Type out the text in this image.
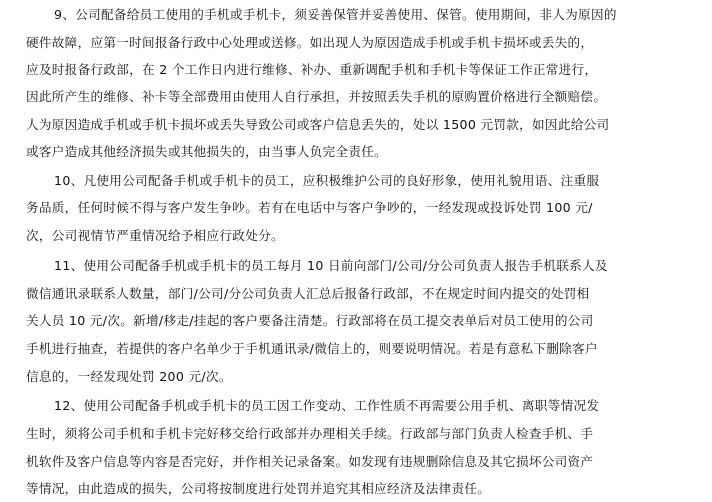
9、公司配备给员工使用的手机或手机卡，须妥善保管并妥善使用、保管。使用期间，非人为原因的
硬件故障，应第一时间报备行政中心处理或送修。如出现人为原因造成手机或手机卡损坏或丢失的，
应及时报备行政部，在 2 个工作日内进行维修、补办、重新调配手机和手机卡等保证工作正常进行，
因此所产生的维修、补卡等全部费用由使用人自行承担，并按照丢失手机的原购置价格进行全额赔偿。
人为原因造成手机或手机卡损坏或丢失导致公司或客户信息丢失的，处以 1500 元罚款，如因此给公司
或客户造成其他经济损失或其他损失的，由当事人负完全责任。
10、凡使用公司配备手机或手机卡的员工，应积极维护公司的良好形象，使用礼貌用语、注重服
务品质，任何时候不得与客户发生争吵。若有在电话中与客户争吵的，一经发现或投诉处罚 100 元/
次，公司视情节严重情况给予相应行政处分。
11、使用公司配备手机或手机卡的员工每月 10 日前向部门/公司/分公司负责人报告手机联系人及
微信通讯录联系人数量，部门/公司/分公司负责人汇总后报备行政部，不在规定时间内提交的处罚相
关人员 10 元/次。新增/移走/挂起的客户要备注清楚。行政部将在员工提交表单后对员工使用的公司
手机进行抽查，若提供的客户名单少于手机通讯录/微信上的，则要说明情况。若是有意私下删除客户
信息的，一经发现处罚 200 元/次。
12、使用公司配备手机或手机卡的员工因工作变动、工作性质不再需要公用手机、离职等情况发
生时，须将公司手机和手机卡完好移交给行政部并办理相关手续。行政部与部门负责人检查手机、手
机软件及客户信息等内容是否完好，并作相关记录备案。如发现有违规删除信息及其它损坏公司资产
等情况，由此造成的损失，公司将按制度进行处罚并追究其相应经济及法律责任。
